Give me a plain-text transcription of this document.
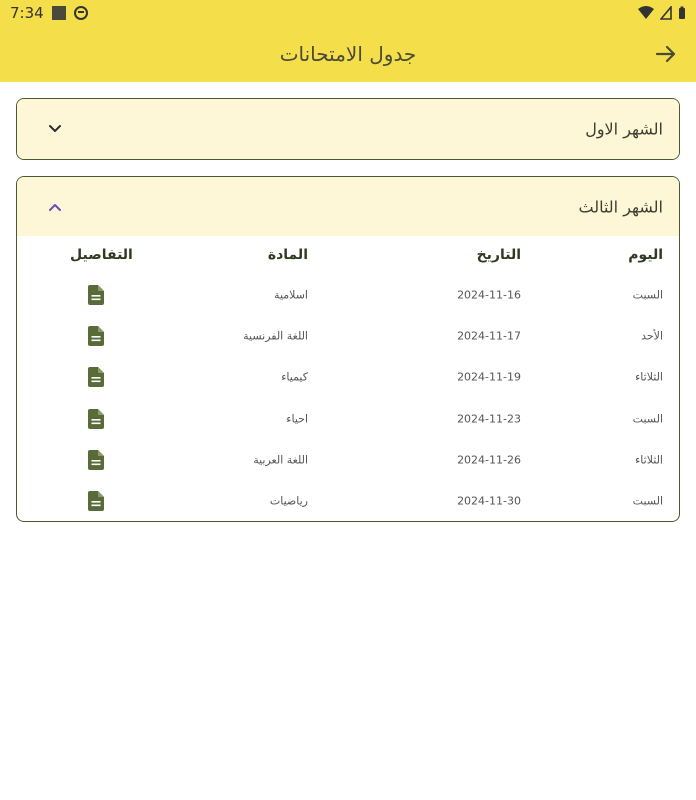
7:34
جدول الامتحانات
الشهر الاول
الشهر الثالث
اليوم
التاريخ
المادة
التفاصيل
السبت
2024-11-16
اسلامية
الأحد
2024-11-17
اللغة الفرنسية
الثلاثاء
2024-11-19
كيمياء
السبت
2024-11-23
احياء
الثلاثاء
2024-11-26
اللغة العربية
السبت
2024-11-30
رياضيات
